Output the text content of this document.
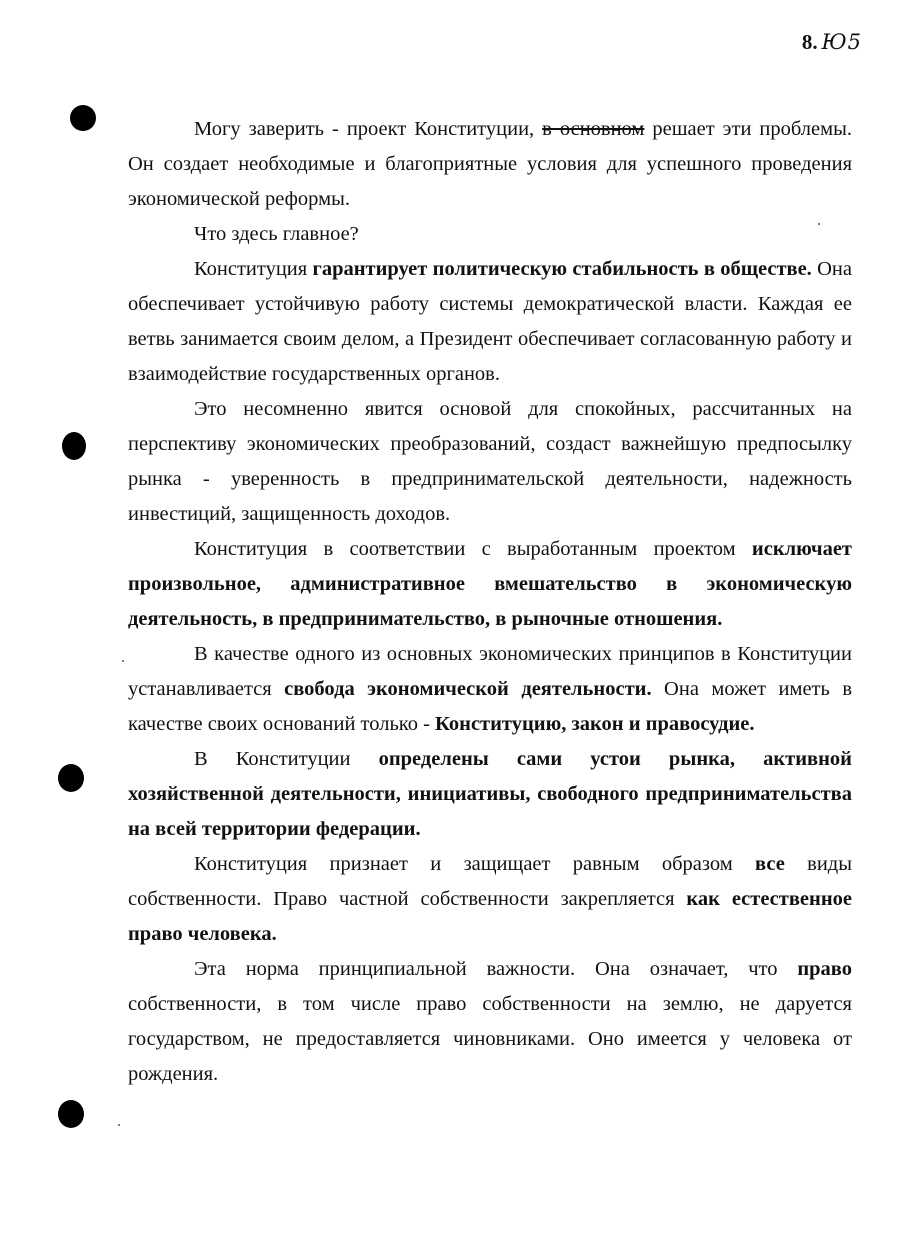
8. Ю5

Могу заверить - проект Конституции, в основном решает эти проблемы. Он создает необходимые и благоприятные условия для успешного проведения экономической реформы.

Что здесь главное?

Конституция гарантирует политическую стабильность в обществе. Она обеспечивает устойчивую работу системы демократической власти. Каждая ее ветвь занимается своим делом, а Президент обеспечивает согласованную работу и взаимодействие государственных органов.

Это несомненно явится основой для спокойных, рассчитанных на перспективу экономических преобразований, создаст важнейшую предпосылку рынка - уверенность в предпринимательской деятельности, надежность инвестиций, защищенность доходов.

Конституция в соответствии с выработанным проектом исключает произвольное, административное вмешательство в экономическую деятельность, в предпринимательство, в рыночные отношения.

В качестве одного из основных экономических принципов в Конституции устанавливается свобода экономической деятельности. Она может иметь в качестве своих оснований только - Конституцию, закон и правосудие.

В Конституции определены сами устои рынка, активной хозяйственной деятельности, инициативы, свободного предпринимательства на всей территории федерации.

Конституция признает и защищает равным образом все виды собственности. Право частной собственности закрепляется как естественное право человека.

Эта норма принципиальной важности. Она означает, что право собственности, в том числе право собственности на землю, не даруется государством, не предоставляется чиновниками. Оно имеется у человека от рождения.
